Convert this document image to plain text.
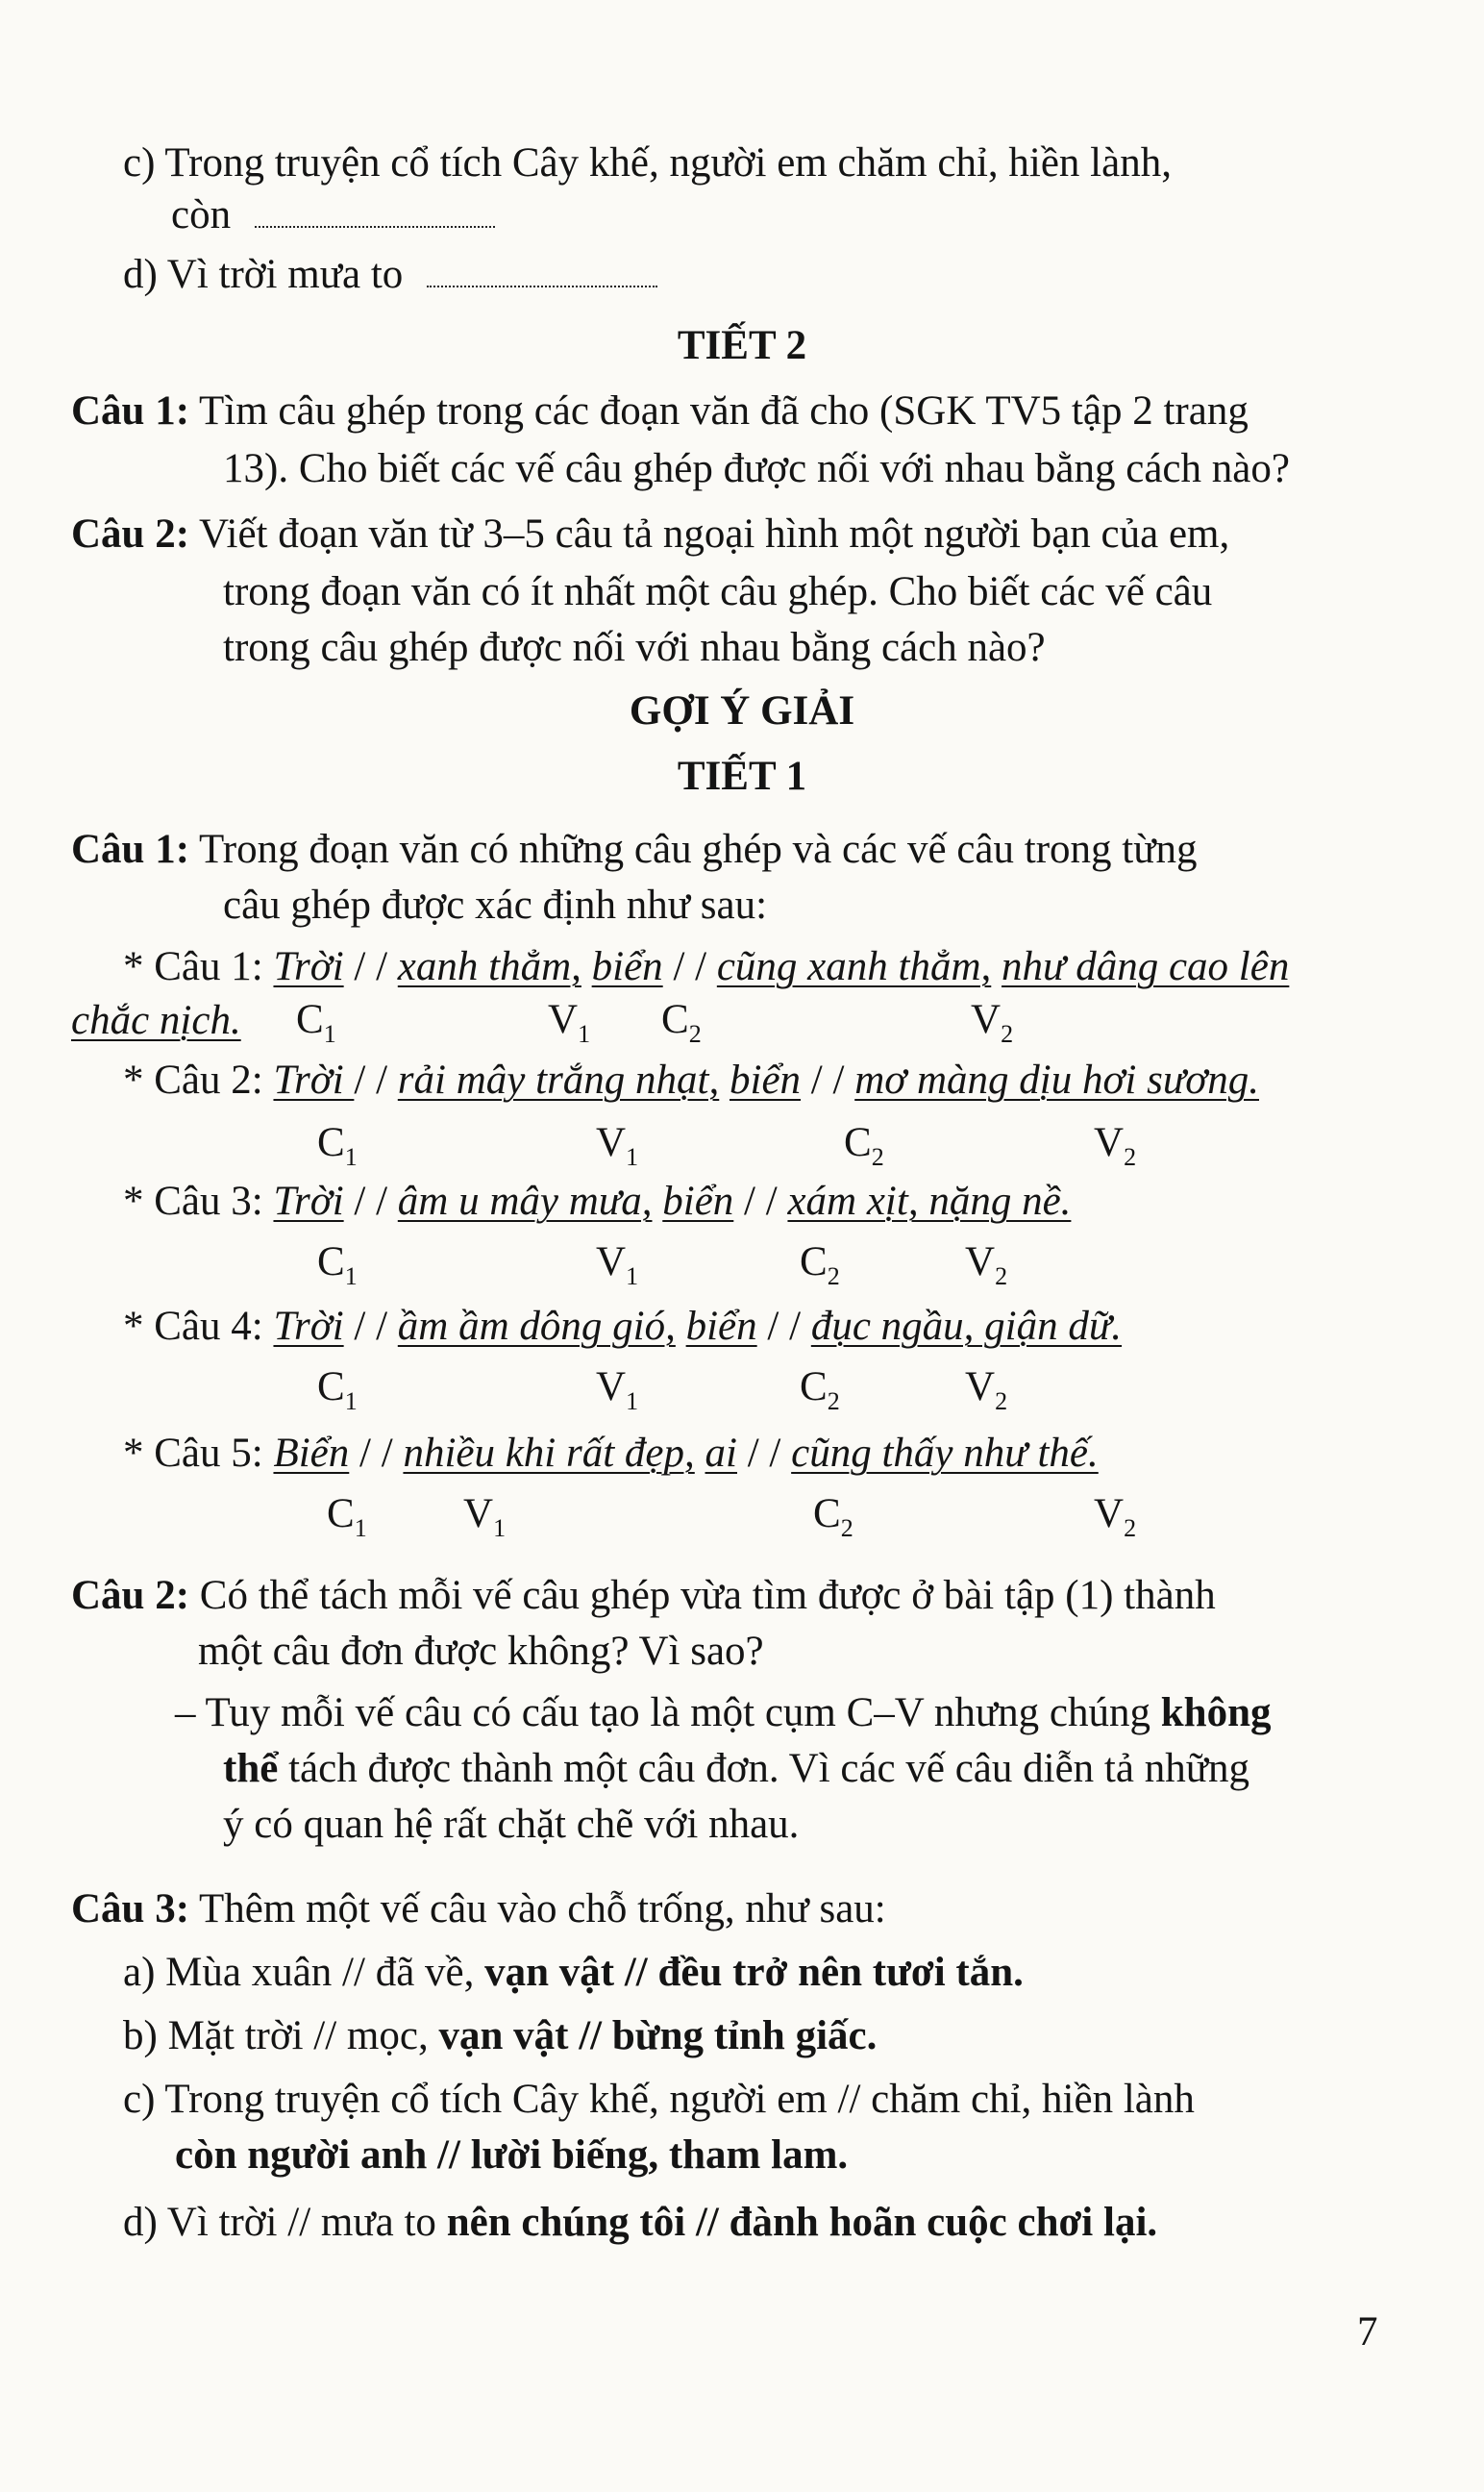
c) Trong truyện cổ tích Cây khế, người em chăm chỉ, hiền lành,
còn
d) Vì trời mưa to
TIẾT 2
Câu 1: Tìm câu ghép trong các đoạn văn đã cho (SGK TV5 tập 2 trang
13). Cho biết các vế câu ghép được nối với nhau bằng cách nào?
Câu 2: Viết đoạn văn từ 3–5 câu tả ngoại hình một người bạn của em,
trong đoạn văn có ít nhất một câu ghép. Cho biết các vế câu
trong câu ghép được nối với nhau bằng cách nào?
GỢI Ý GIẢI
TIẾT 1
Câu 1: Trong đoạn văn có những câu ghép và các vế câu trong từng
câu ghép được xác định như sau:
* Câu 1: Trời / / xanh thẳm, biển / / cũng xanh thẳm, như dâng cao lên
chắc nịch. $C_1$	$V_1$ $C_2$	$V_2$
* Câu 2: Trời / / rải mây trắng nhạt, biển / / mơ màng dịu hơi sương.
$C_1$	$V_1$	$C_2$	$V_2$
* Câu 3: Trời / / âm u mây mưa, biển / / xám xịt, nặng nề.
$C_1$	$V_1$	$C_2$	$V_2$
* Câu 4: Trời / / ầm ầm dông gió, biển / / đục ngầu, giận dữ.
$C_1$	$V_1$	$C_2$	$V_2$
* Câu 5: Biển / / nhiều khi rất đẹp, ai / / cũng thấy như thế.
$C_1$ $V_1$	$C_2$	$V_2$
Câu 2: Có thể tách mỗi vế câu ghép vừa tìm được ở bài tập (1) thành
một câu đơn được không? Vì sao?
– Tuy mỗi vế câu có cấu tạo là một cụm C–V nhưng chúng không
thể tách được thành một câu đơn. Vì các vế câu diễn tả những
ý có quan hệ rất chặt chẽ với nhau.
Câu 3: Thêm một vế câu vào chỗ trống, như sau:
a) Mùa xuân // đã về, vạn vật // đều trở nên tươi tắn.
b) Mặt trời // mọc, vạn vật // bừng tỉnh giấc.
c) Trong truyện cổ tích Cây khế, người em // chăm chỉ, hiền lành
còn người anh // lười biếng, tham lam.
d) Vì trời // mưa to nên chúng tôi // đành hoãn cuộc chơi lại.
7
